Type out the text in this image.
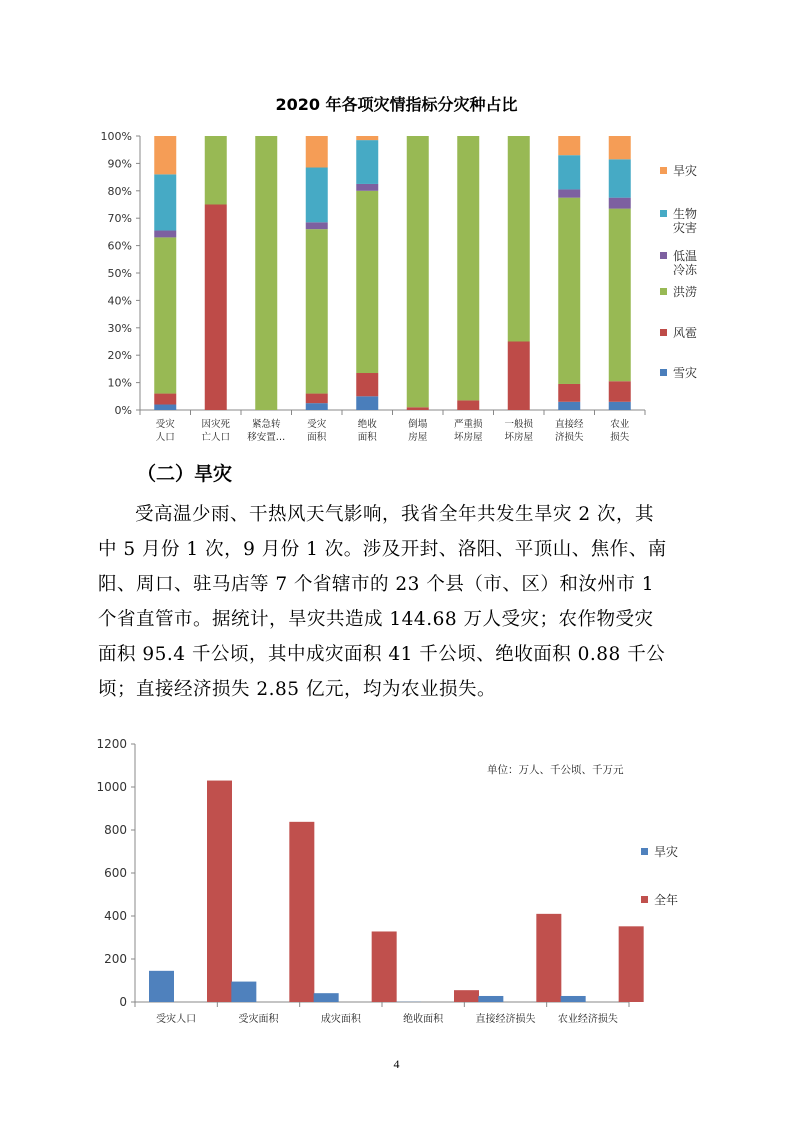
2020 年各项灾情指标分灾种占比
0%
10%
20%
30%
40%
50%
60%
70%
80%
90%
100%
受灾
人口
因灾死
亡人口
紧急转
移安置…
受灾
面积
绝收
面积
倒塌
房屋
严重损
坏房屋
一般损
坏房屋
直接经
济损失
农业
损失
旱灾
生物
灾害
低温
冷冻
洪涝
风雹
雪灾
（二）旱灾
受高温少雨、干热风天气影响，我省全年共发生旱灾 2 次，其
中 5 月份 1 次，9 月份 1 次。涉及开封、洛阳、平顶山、焦作、南
阳、周口、驻马店等 7 个省辖市的 23 个县（市、区）和汝州市 1
个省直管市。据统计，旱灾共造成 144.68 万人受灾；农作物受灾
面积 95.4 千公顷，其中成灾面积 41 千公顷、绝收面积 0.88 千公
顷；直接经济损失 2.85 亿元，均为农业损失。
0
200
400
600
800
1000
1200
受灾人口	受灾面积	成灾面积	绝收面积	直接经济损失 农业经济损失
单位：万人、千公顷、千万元
旱灾
全年
4
